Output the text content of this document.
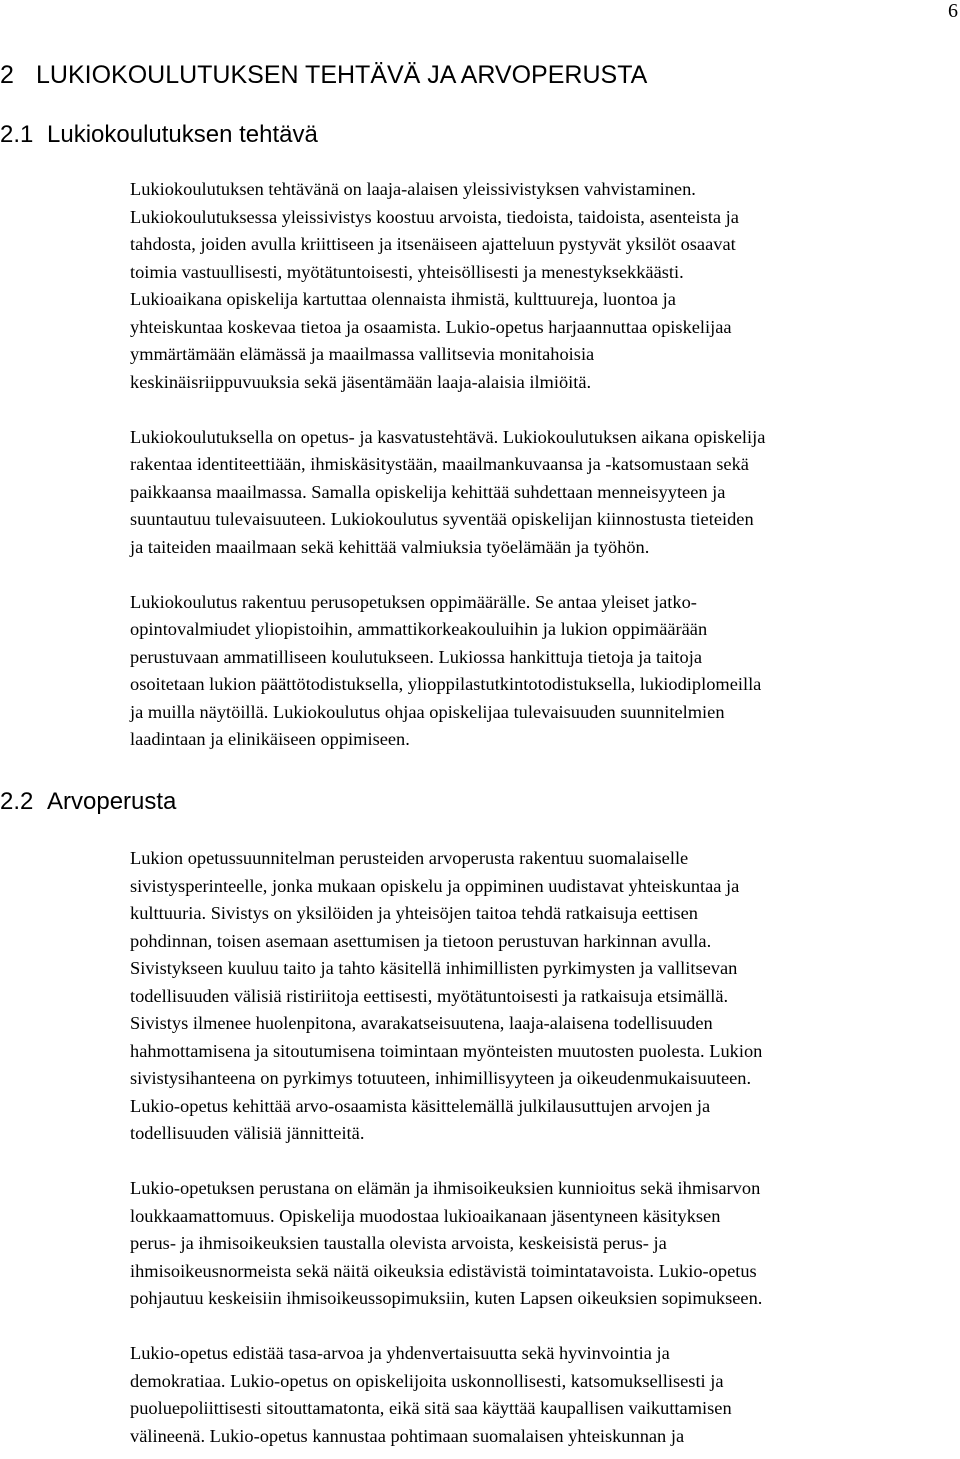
6
2 LUKIOKOULUTUKSEN TEHTÄVÄ JA ARVOPERUSTA
2.1 Lukiokoulutuksen tehtävä

Lukiokoulutuksen tehtävänä on laaja-alaisen yleissivistyksen vahvistaminen.
Lukiokoulutuksessa yleissivistys koostuu arvoista, tiedoista, taidoista, asenteista ja
tahdosta, joiden avulla kriittiseen ja itsenäiseen ajatteluun pystyvät yksilöt osaavat
toimia vastuullisesti, myötätuntoisesti, yhteisöllisesti ja menestyksekkäästi.
Lukioaikana opiskelija kartuttaa olennaista ihmistä, kulttuureja, luontoa ja
yhteiskuntaa koskevaa tietoa ja osaamista. Lukio-opetus harjaannuttaa opiskelijaa
ymmärtämään elämässä ja maailmassa vallitsevia monitahoisia
keskinäisriippuvuuksia sekä jäsentämään laaja-alaisia ilmiöitä.

Lukiokoulutuksella on opetus- ja kasvatustehtävä. Lukiokoulutuksen aikana opiskelija
rakentaa identiteettiään, ihmiskäsitystään, maailmankuvaansa ja -katsomustaan sekä
paikkaansa maailmassa. Samalla opiskelija kehittää suhdettaan menneisyyteen ja
suuntautuu tulevaisuuteen. Lukiokoulutus syventää opiskelijan kiinnostusta tieteiden
ja taiteiden maailmaan sekä kehittää valmiuksia työelämään ja työhön.

Lukiokoulutus rakentuu perusopetuksen oppimäärälle. Se antaa yleiset jatko-
opintovalmiudet yliopistoihin, ammattikorkeakouluihin ja lukion oppimäärään
perustuvaan ammatilliseen koulutukseen. Lukiossa hankittuja tietoja ja taitoja
osoitetaan lukion päättötodistuksella, ylioppilastutkintotodistuksella, lukiodiplomeilla
ja muilla näytöillä. Lukiokoulutus ohjaa opiskelijaa tulevaisuuden suunnitelmien
laadintaan ja elinikäiseen oppimiseen.

2.2 Arvoperusta

Lukion opetussuunnitelman perusteiden arvoperusta rakentuu suomalaiselle
sivistysperinteelle, jonka mukaan opiskelu ja oppiminen uudistavat yhteiskuntaa ja
kulttuuria. Sivistys on yksilöiden ja yhteisöjen taitoa tehdä ratkaisuja eettisen
pohdinnan, toisen asemaan asettumisen ja tietoon perustuvan harkinnan avulla.
Sivistykseen kuuluu taito ja tahto käsitellä inhimillisten pyrkimysten ja vallitsevan
todellisuuden välisiä ristiriitoja eettisesti, myötätuntoisesti ja ratkaisuja etsimällä.
Sivistys ilmenee huolenpitona, avarakatseisuutena, laaja-alaisena todellisuuden
hahmottamisena ja sitoutumisena toimintaan myönteisten muutosten puolesta. Lukion
sivistysihanteena on pyrkimys totuuteen, inhimillisyyteen ja oikeudenmukaisuuteen.
Lukio-opetus kehittää arvo-osaamista käsittelemällä julkilausuttujen arvojen ja
todellisuuden välisiä jännitteitä.

Lukio-opetuksen perustana on elämän ja ihmisoikeuksien kunnioitus sekä ihmisarvon
loukkaamattomuus. Opiskelija muodostaa lukioaikanaan jäsentyneen käsityksen
perus- ja ihmisoikeuksien taustalla olevista arvoista, keskeisistä perus- ja
ihmisoikeusnormeista sekä näitä oikeuksia edistävistä toimintatavoista. Lukio-opetus
pohjautuu keskeisiin ihmisoikeussopimuksiin, kuten Lapsen oikeuksien sopimukseen.

Lukio-opetus edistää tasa-arvoa ja yhdenvertaisuutta sekä hyvinvointia ja
demokratiaa. Lukio-opetus on opiskelijoita uskonnollisesti, katsomuksellisesti ja
puoluepoliittisesti sitouttamatonta, eikä sitä saa käyttää kaupallisen vaikuttamisen
välineenä. Lukio-opetus kannustaa pohtimaan suomalaisen yhteiskunnan ja
